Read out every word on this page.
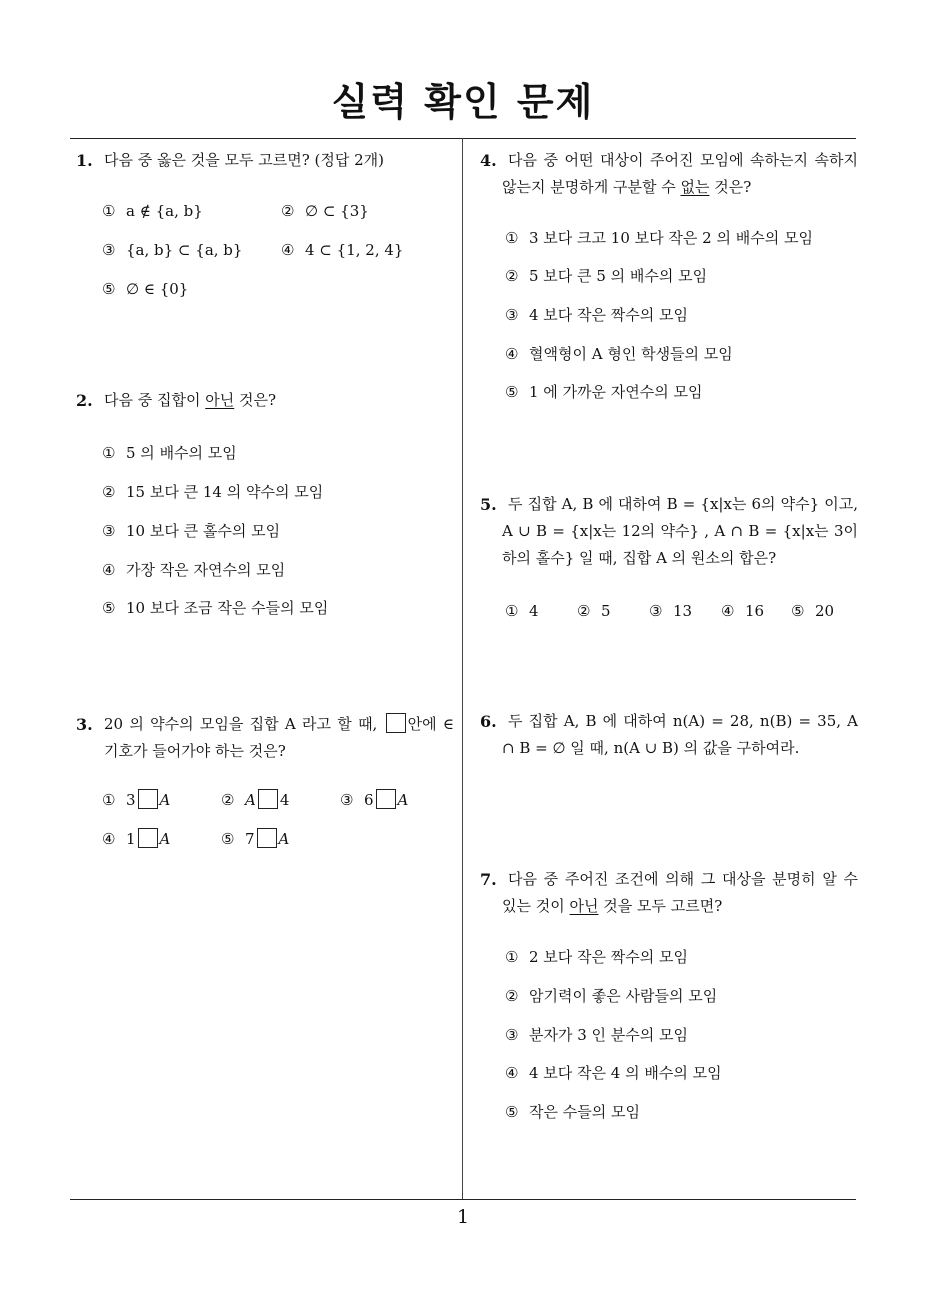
실력 확인 문제
1
1. 다음 중 옳은 것을 모두 고르면? (정답 2개)
① a ∉ {a, b}	② ∅ ⊂ {3}
③ {a, b} ⊂ {a, b}	④ 4 ⊂ {1, 2, 4}
⑤ ∅ ∈ {0}
2. 다음 중 집합이 아닌 것은?
① 5 의 배수의 모임
② 15 보다 큰 14 의 약수의 모임
③ 10 보다 큰 홀수의 모임
④ 가장 작은 자연수의 모임
⑤ 10 보다 조금 작은 수들의 모임
3. 20 의 약수의 모임을 집합 A 라고 할 때, 안에 ∈ 기호가 들어가야 하는 것은?
① 3 A	② A 4	③ 6 A
④ 1 A	⑤ 7 A
4. 다음 중 어떤 대상이 주어진 모임에 속하는지 속하지 않는지 분명하게 구분할 수 없는 것은?
① 3 보다 크고 10 보다 작은 2 의 배수의 모임
② 5 보다 큰 5 의 배수의 모임
③ 4 보다 작은 짝수의 모임
④ 혈액형이 A 형인 학생들의 모임
⑤ 1 에 가까운 자연수의 모임
5. 두 집합 A, B 에 대하여 B = {x|x는 6의 약수} 이고, A ∪ B = {x|x는 12의 약수} , A ∩ B = {x|x는 3이하의 홀수} 일 때, 집합 A 의 원소의 합은?
① 4	② 5	③ 13 ④ 16 ⑤ 20
6. 두 집합 A, B 에 대하여 n(A) = 28, n(B) = 35, A ∩ B = ∅ 일 때, n(A ∪ B) 의 값을 구하여라.
7. 다음 중 주어진 조건에 의해 그 대상을 분명히 알 수 있는 것이 아닌 것을 모두 고르면?
① 2 보다 작은 짝수의 모임
② 암기력이 좋은 사람들의 모임
③ 분자가 3 인 분수의 모임
④ 4 보다 작은 4 의 배수의 모임
⑤ 작은 수들의 모임
